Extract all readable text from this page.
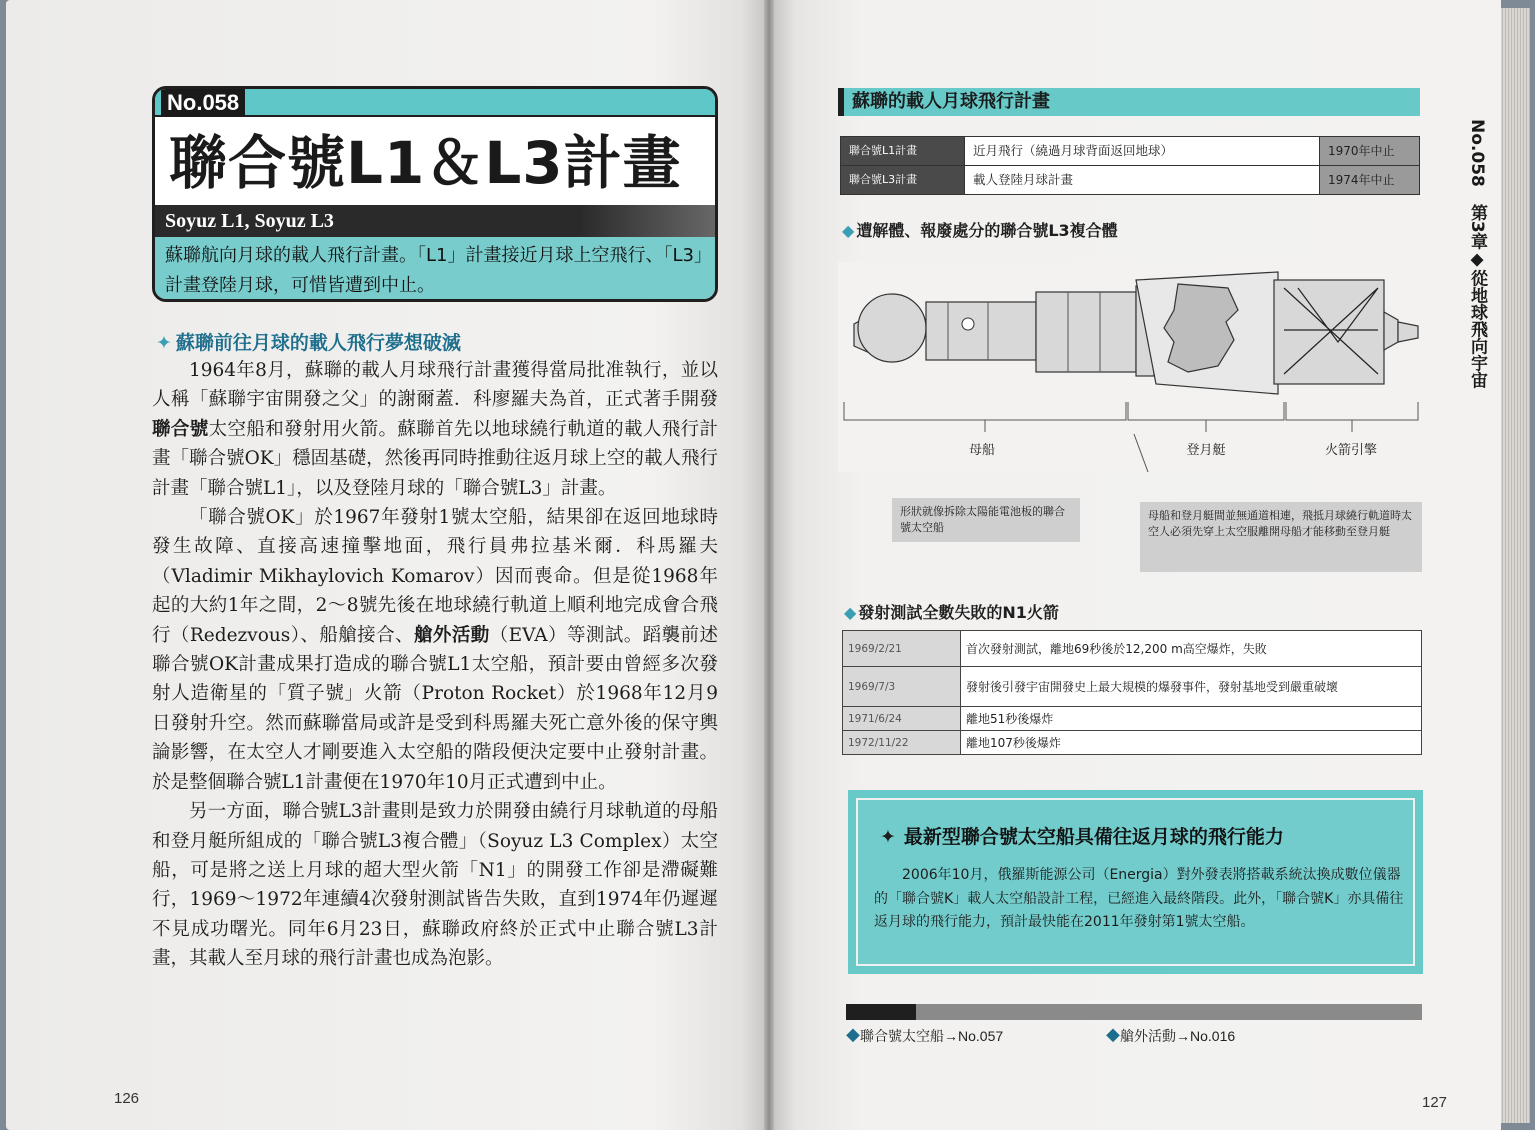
No.058
聯合號L1＆L3計畫
Soyuz L1, Soyuz L3
蘇聯航向月球的載人飛行計畫。「L1」計畫接近月球上空飛行、「L3」計畫登陸月球，可惜皆遭到中止。
✦ 蘇聯前往月球的載人飛行夢想破滅

1964年8月，蘇聯的載人月球飛行計畫獲得當局批准執行，並以人稱「蘇聯宇宙開發之父」的謝爾蓋．科廖羅夫為首，正式著手開發聯合號太空船和發射用火箭。蘇聯首先以地球繞行軌道的載人飛行計畫「聯合號OK」穩固基礎，然後再同時推動往返月球上空的載人飛行計畫「聯合號L1」，以及登陸月球的「聯合號L3」計畫。

「聯合號OK」於1967年發射1號太空船，結果卻在返回地球時發生故障、直接高速撞擊地面，飛行員弗拉基米爾．科馬羅夫（Vladimir Mikhaylovich Komarov）因而喪命。但是從1968年起的大約1年之間，2～8號先後在地球繞行軌道上順利地完成會合飛行（Redezvous）、船艙接合、艙外活動（EVA）等測試。蹈襲前述聯合號OK計畫成果打造成的聯合號L1太空船，預計要由曾經多次發射人造衛星的「質子號」火箭（Proton Rocket）於1968年12月9日發射升空。然而蘇聯當局或許是受到科馬羅夫死亡意外後的保守輿論影響，在太空人才剛要進入太空船的階段便決定要中止發射計畫。於是整個聯合號L1計畫便在1970年10月正式遭到中止。

另一方面，聯合號L3計畫則是致力於開發由繞行月球軌道的母船和登月艇所組成的「聯合號L3複合體」（Soyuz L3 Complex）太空船，可是將之送上月球的超大型火箭「N1」的開發工作卻是滯礙難行，1969～1972年連續4次發射測試皆告失敗，直到1974年仍遲遲不見成功曙光。同年6月23日，蘇聯政府終於正式中止聯合號L3計畫，其載人至月球的飛行計畫也成為泡影。

126
蘇聯的載人月球飛行計畫
聯合號L1計畫	近月飛行（繞過月球背面返回地球）	1970年中止
聯合號L3計畫	載人登陸月球計畫	1974年中止
◆ 遭解體、報廢處分的聯合號L3複合體
母船	登月艇	火箭引擎
形狀就像拆除太陽能電池板的聯合號太空船
母船和登月艇間並無通道相連，飛抵月球繞行軌道時太空人必須先穿上太空服離開母船才能移動至登月艇
◆ 發射測試全數失敗的N1火箭
1969/2/21	首次發射測試，離地69秒後於12,200 m高空爆炸，失敗
1969/7/3	發射後引發宇宙開發史上最大規模的爆發事件，發射基地受到嚴重破壞
1971/6/24	離地51秒後爆炸
1972/11/22	離地107秒後爆炸
✦ 最新型聯合號太空船具備往返月球的飛行能力
2006年10月，俄羅斯能源公司（Energia）對外發表將搭載系統汰換成數位儀器的「聯合號K」載人太空船設計工程，已經進入最終階段。此外，「聯合號K」亦具備往返月球的飛行能力，預計最快能在2011年發射第1號太空船。
◆聯合號太空船→No.057	◆艙外活動→No.016
No.058　第3章◆從地球飛向宇宙
127
